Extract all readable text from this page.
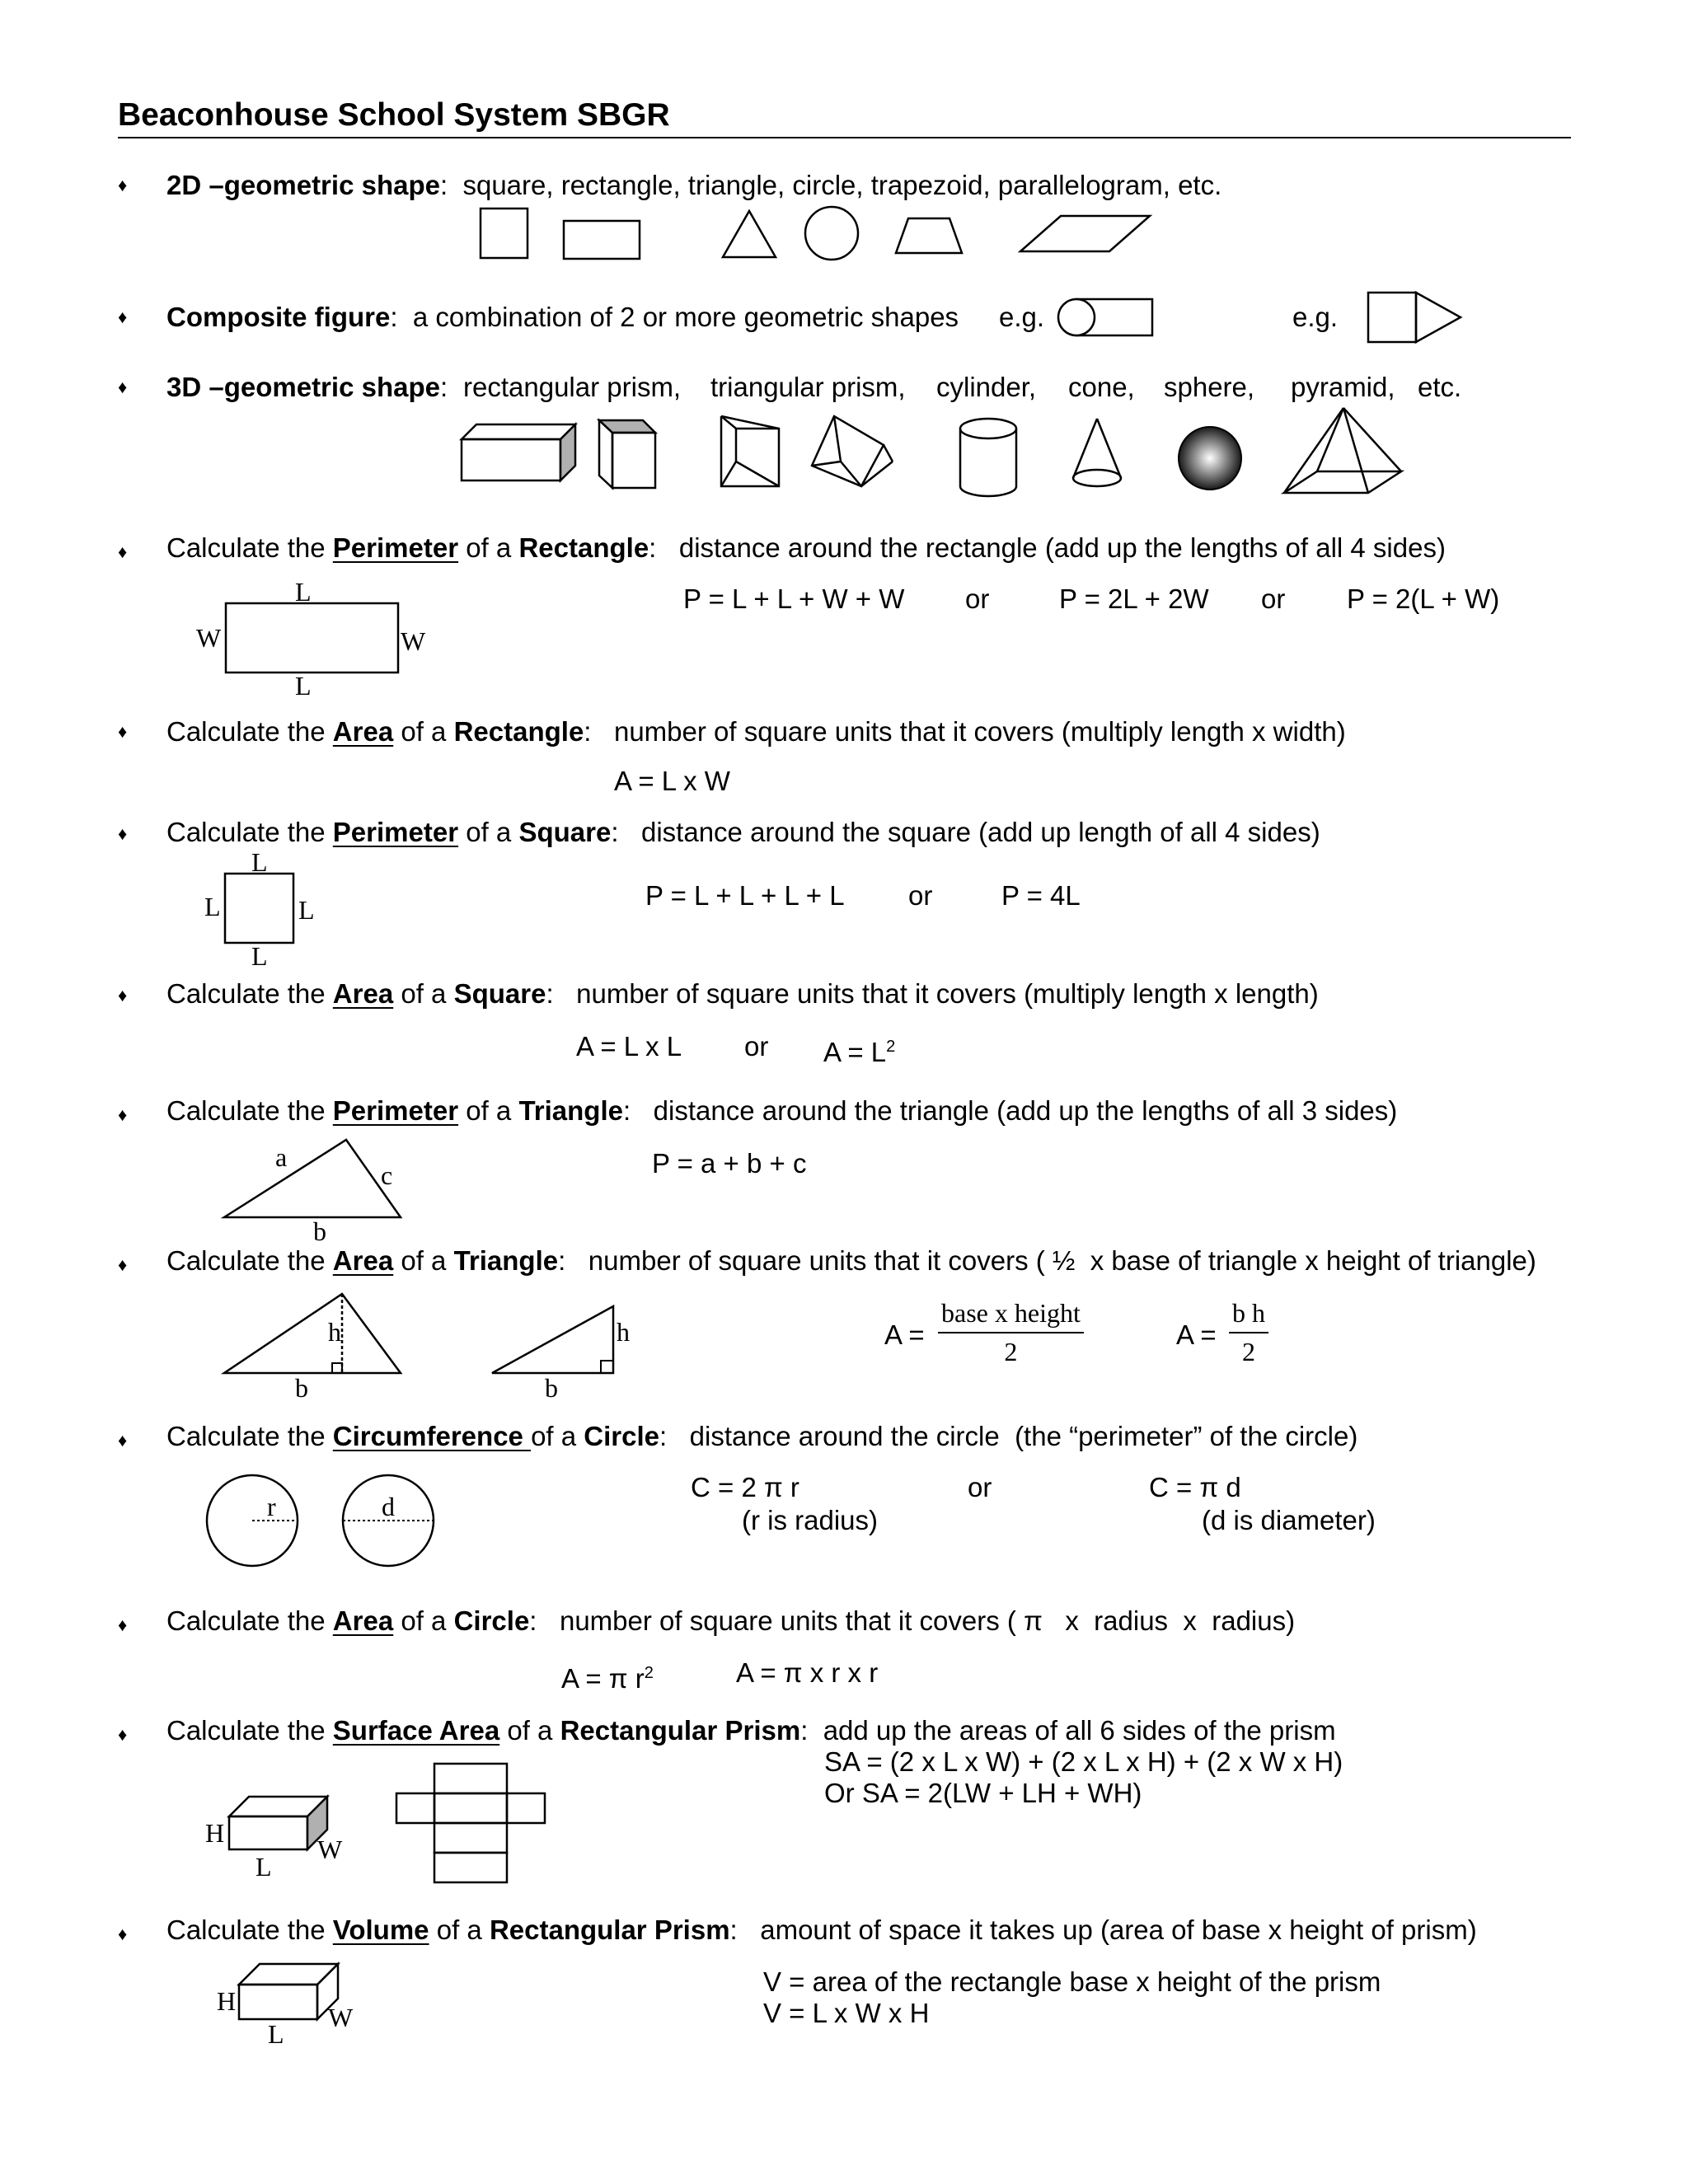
Beaconhouse School System SBGR
♦
♦
♦
♦
♦
♦
♦
♦
♦
♦
♦
♦
♦
2D –geometric shape:  square, rectangle, triangle, circle, trapezoid, parallelogram, etc.
Composite figure:  a combination of 2 or more geometric shapes e.g.	e.g.
3D –geometric shape: rectangular prism, triangular prism, cylinder, cone, sphere, pyramid, etc.
Calculate the Perimeter of a Rectangle:   distance around the rectangle (add up the lengths of all 4 sides)
P = L + L + W + W or	P = 2L + 2W or P = 2(L + W)
L
L
W	W
Calculate the Area of a Rectangle:   number of square units that it covers (multiply length x width)
A = L x W
Calculate the Perimeter of a Square:   distance around the square (add up length of all 4 sides)
P = L + L + L + L or	P = 4L
L
L
L	L
Calculate the Area of a Square:   number of square units that it covers (multiply length x length)
A = L x L or $A = L^2$
Calculate the Perimeter of a Triangle:   distance around the triangle (add up the lengths of all 3 sides)
P = a + b + c
a
c
b
Calculate the Area of a Triangle:   number of square units that it covers ( ½  x base of triangle x height of triangle)
h
b
h
b
A =
base x height
2
$A = \frac{\text{b h}}{2}$
Calculate the Circumference of a Circle:   distance around the circle  (the “perimeter” of the circle)
r	d
C = 2 π r
(r is radius)
or	C = π d
(d is diameter)
Calculate the Area of a Circle:   number of square units that it covers ( π   x  radius  x  radius)
A = π $r^2$	A = π x r x r
Calculate the Surface Area of a Rectangular Prism:  add up the areas of all 6 sides of the prism
SA = (2 x L x W) + (2 x L x H) + (2 x W x H)
Or SA = 2(LW + LH + WH)
H
L
W
Calculate the Volume of a Rectangular Prism:   amount of space it takes up (area of base x height of prism)
V = area of the rectangle base x height of the prism
V = L x W x H
H
L
W
